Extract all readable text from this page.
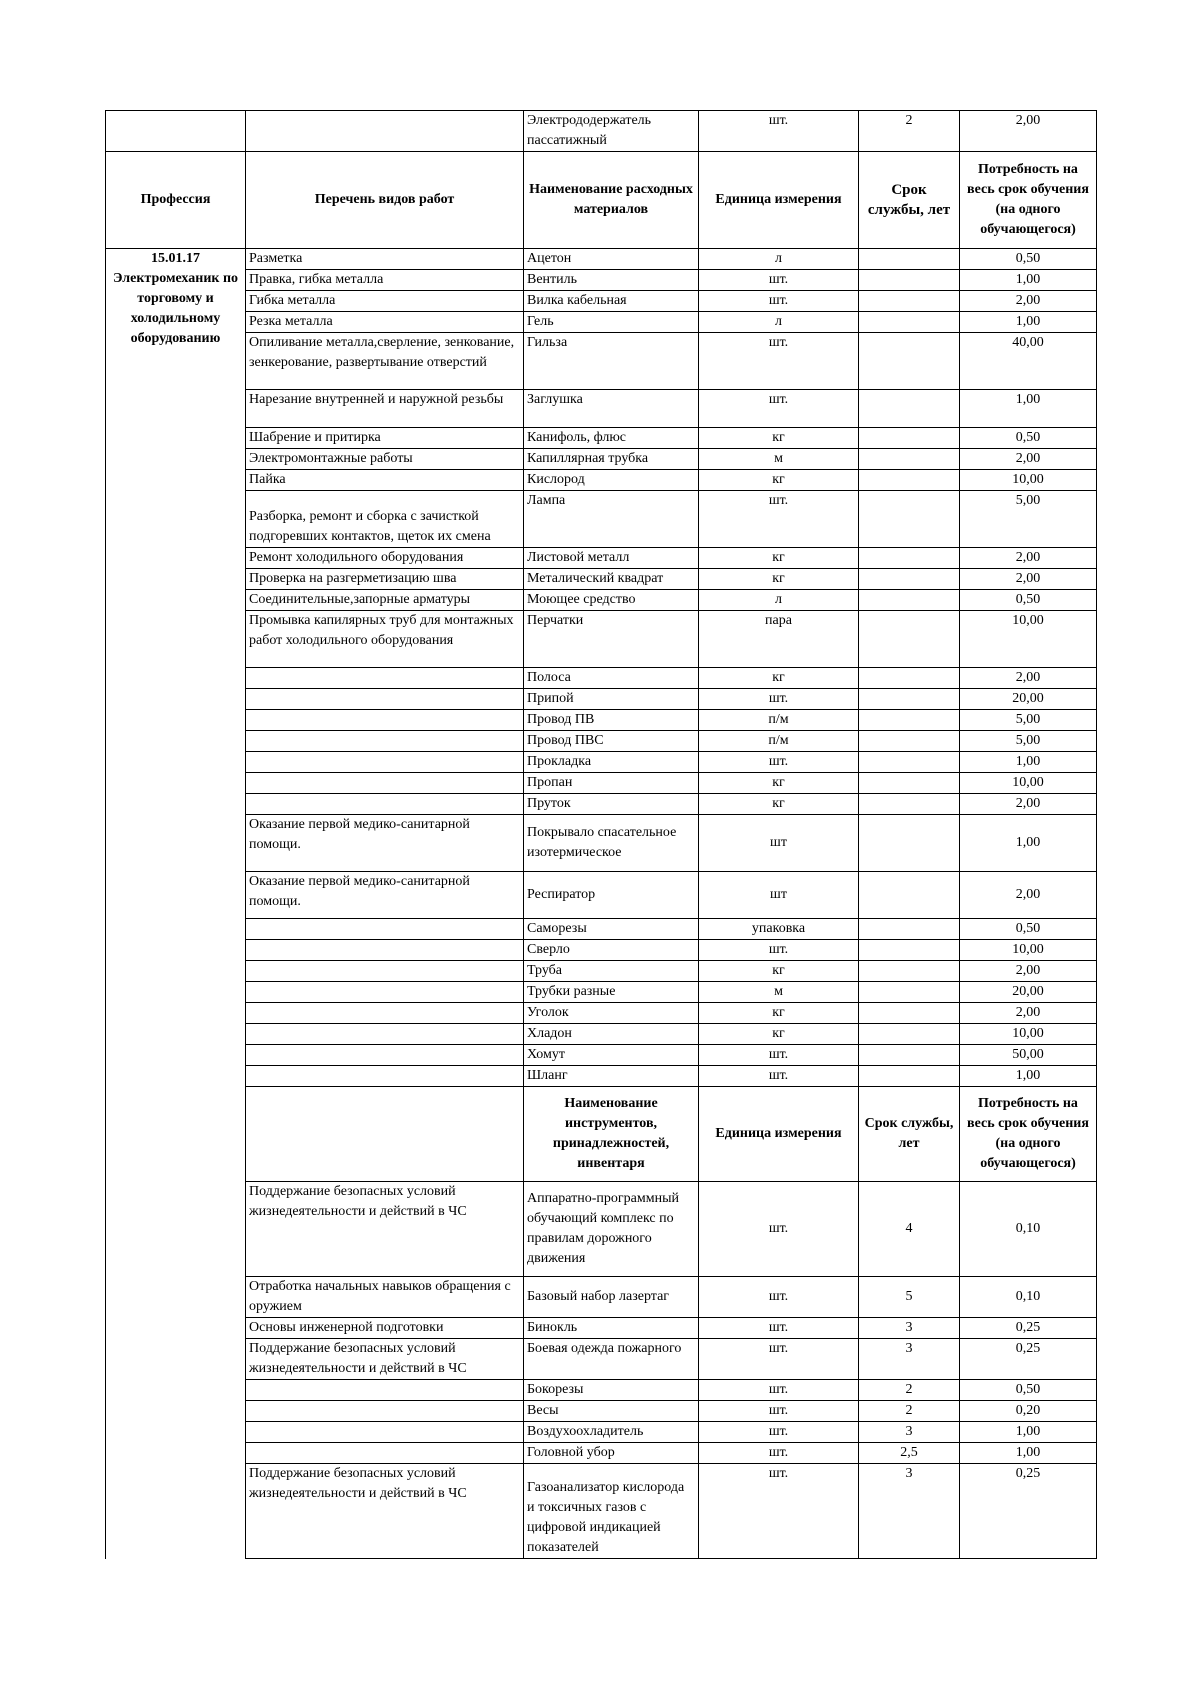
		Электрододержатель пассатижный	шт.	2	2,00
Профессия	Перечень видов работ	Наименование расходных материалов	Единица измерения	Срок службы, лет	Потребность на весь срок обучения (на одного обучающегося)

15.01.17
Электромеханик по торговому и холодильному оборудованию	Разметка	Ацетон	л		0,50
	Правка, гибка металла	Вентиль	шт.		1,00
	Гибка металла	Вилка кабельная	шт.		2,00
	Резка металла	Гель	л		1,00
	Опиливание металла,сверление, зенкование, зенкерование, развертывание отверстий	Гильза	шт.		40,00
	Нарезание внутренней и наружной резьбы	Заглушка	шт.		1,00
	Шабрение и притирка	Канифоль, флюс	кг		0,50
	Электромонтажные работы	Капиллярная трубка	м		2,00
	Пайка	Кислород	кг		10,00
	Разборка, ремонт и сборка с зачисткой подгоревших контактов, щеток их смена	Лампа	шт.		5,00
	Ремонт холодильного оборудования	Листовой металл	кг		2,00
	Проверка на разгерметизацию шва	Металический квадрат	кг		2,00
	Соединительные,запорные арматуры	Моющее средство	л		0,50
	Промывка капилярных труб для монтажных работ холодильного оборудования	Перчатки	пара		10,00
		Полоса	кг		2,00
		Припой	шт.		20,00
		Провод ПВ	п/м		5,00
		Провод ПВС	п/м		5,00
		Прокладка	шт.		1,00
		Пропан	кг		10,00
		Пруток	кг		2,00
	Оказание первой медико-санитарной помощи.	Покрывало спасательное изотермическое	шт		1,00
	Оказание первой медико-санитарной помощи.	Респиратор	шт		2,00
		Саморезы	упаковка		0,50
		Сверло	шт.		10,00
		Труба	кг		2,00
		Трубки разные	м		20,00
		Уголок	кг		2,00
		Хладон	кг		10,00
		Хомут	шт.		50,00
		Шланг	шт.		1,00
		Наименование инструментов, принадлежностей, инвентаря	Единица измерения	Срок службы, лет	Потребность на весь срок обучения (на одного обучающегося)
	Поддержание безопасных условий жизнедеятельности и действий в ЧС	Аппаратно-программный обучающий комплекс по правилам дорожного движения	шт.	4	0,10
	Отработка начальных навыков обращения с оружием	Базовый набор лазертаг	шт.	5	0,10
	Основы инженерной подготовки	Бинокль	шт.	3	0,25
	Поддержание безопасных условий жизнедеятельности и действий в ЧС	Боевая одежда пожарного	шт.	3	0,25
		Бокорезы	шт.	2	0,50
		Весы	шт.	2	0,20
		Воздухоохладитель	шт.	3	1,00
		Головной убор	шт.	2,5	1,00
	Поддержание безопасных условий жизнедеятельности и действий в ЧС	Газоанализатор кислорода и токсичных газов с цифровой индикацией показателей	шт.	3	0,25
